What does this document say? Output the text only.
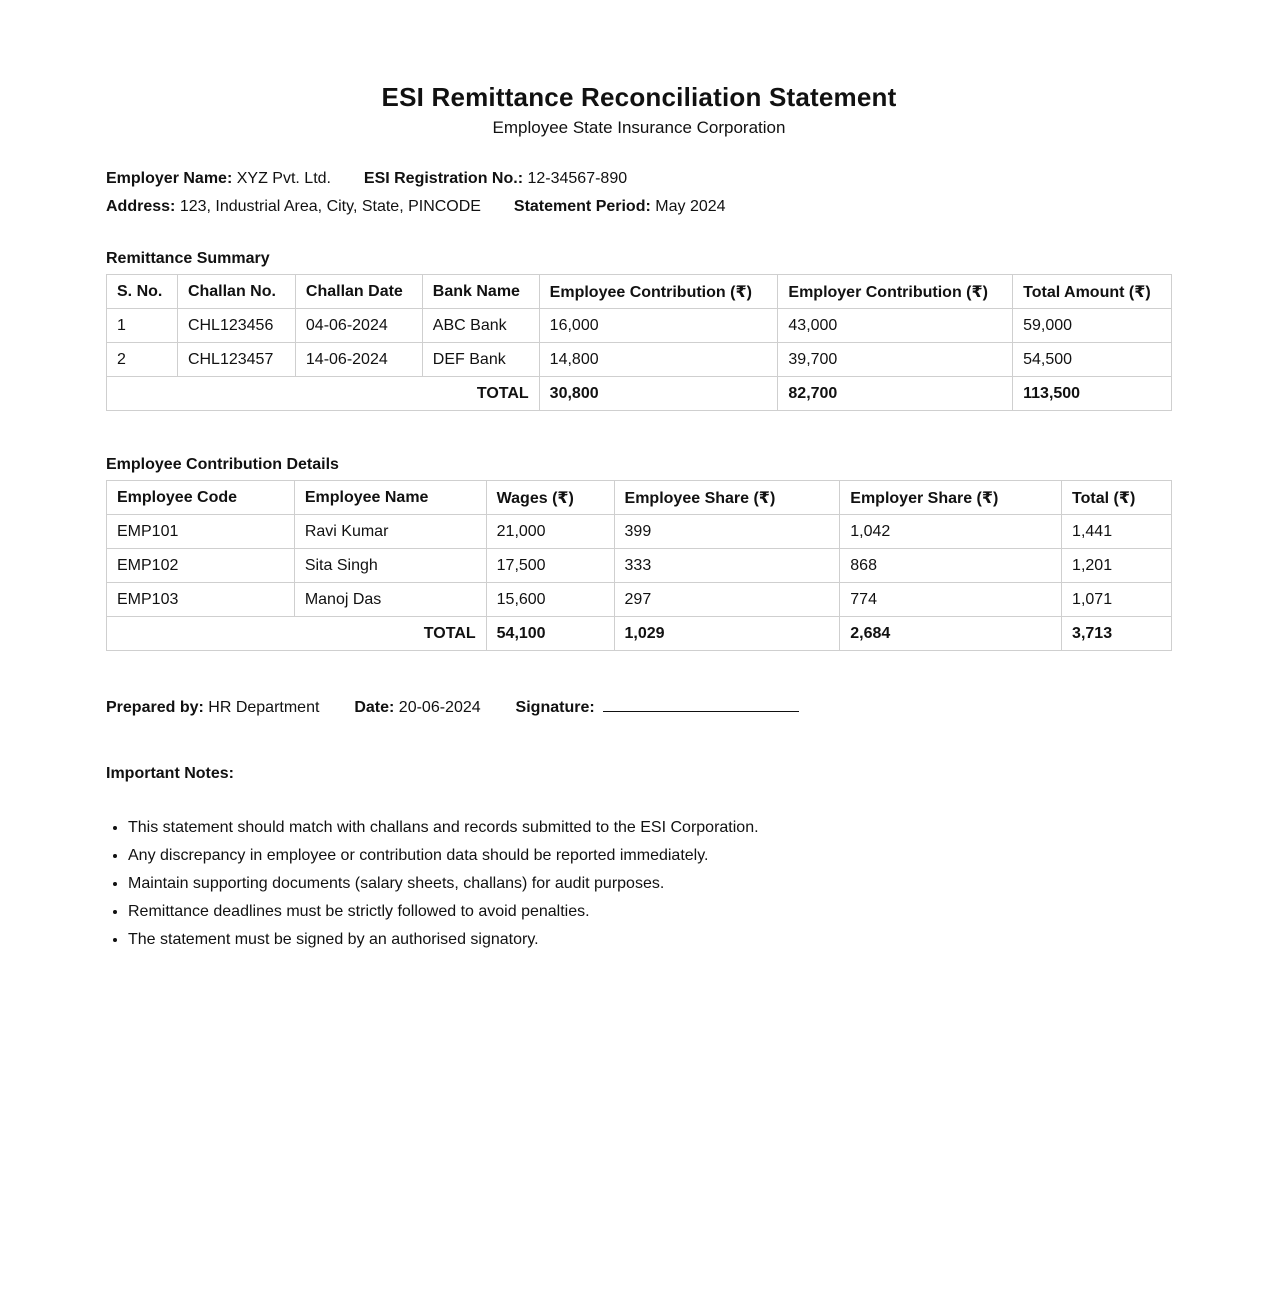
ESI Remittance Reconciliation Statement
Employee State Insurance Corporation
Employer Name: XYZ Pvt. Ltd. ESI Registration No.: 12-34567-890
Address: 123, Industrial Area, City, State, PINCODE Statement Period: May 2024
Remittance Summary
S. No.	Challan No.	Challan Date	Bank Name	Employee Contribution (₹)	Employer Contribution (₹)	Total Amount (₹)
1	CHL123456	04-06-2024	ABC Bank	16,000	43,000	59,000
2	CHL123457	14-06-2024	DEF Bank	14,800	39,700	54,500
TOTAL				30,800	82,700	113,500
Employee Contribution Details
Employee Code	Employee Name	Wages (₹)	Employee Share (₹)	Employer Share (₹)	Total (₹)
EMP101	Ravi Kumar	21,000	399	1,042	1,441
EMP102	Sita Singh	17,500	333	868	1,201
EMP103	Manoj Das	15,600	297	774	1,071
TOTAL		54,100	1,029	2,684	3,713
Prepared by: HR Department Date: 20-06-2024 Signature:
Important Notes:
• This statement should match with challans and records submitted to the ESI Corporation.
• Any discrepancy in employee or contribution data should be reported immediately.
• Maintain supporting documents (salary sheets, challans) for audit purposes.
• Remittance deadlines must be strictly followed to avoid penalties.
• The statement must be signed by an authorised signatory.
